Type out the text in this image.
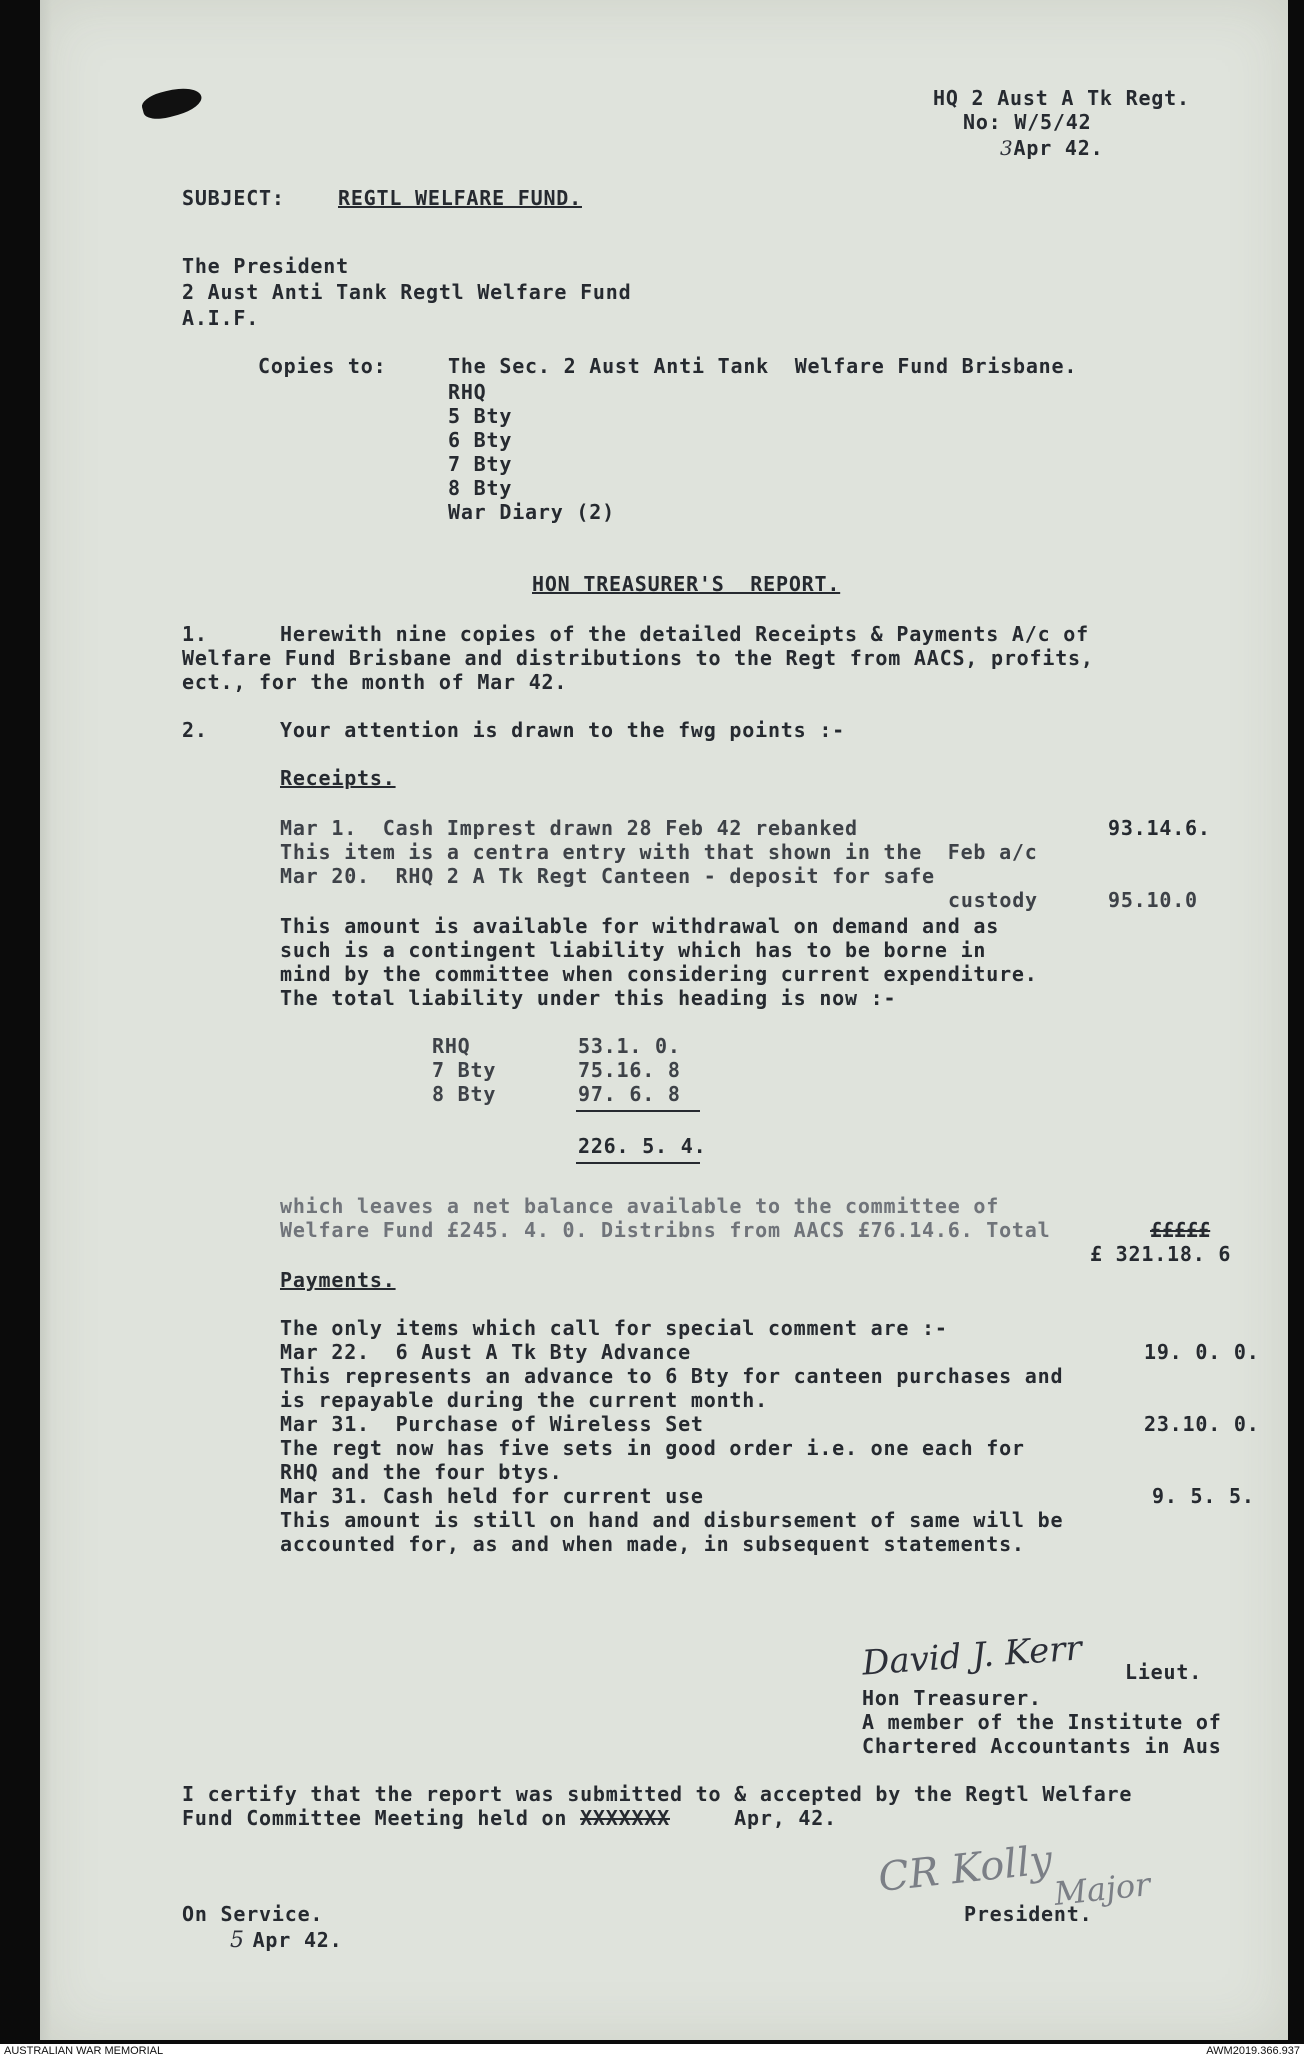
HQ 2 Aust A Tk Regt.
No: W/5/42
3Apr 42.
SUBJECT:	REGTL WELFARE FUND.
The President
2 Aust Anti Tank Regtl Welfare Fund
A.I.F.
Copies to:	The Sec. 2 Aust Anti Tank  Welfare Fund Brisbane.
RHQ
5 Bty
6 Bty
7 Bty
8 Bty
War Diary (2)
HON TREASURER'S  REPORT.
1.	Herewith nine copies of the detailed Receipts & Payments A/c of
Welfare Fund Brisbane and distributions to the Regt from AACS, profits,
ect., for the month of Mar 42.
2.	Your attention is drawn to the fwg points :-
Receipts.
Mar 1.  Cash Imprest drawn 28 Feb 42 rebanked	93.14.6.
This item is a centra entry with that shown in the  Feb a/c
Mar 20.  RHQ 2 A Tk Regt Canteen - deposit for safe
custody	95.10.0
This amount is available for withdrawal on demand and as
such is a contingent liability which has to be borne in
mind by the committee when considering current expenditure.
The total liability under this heading is now :-
RHQ	53.1. 0.
7 Bty	75.16. 8
8 Bty	97. 6. 8
226. 5. 4.
which leaves a net balance available to the committee of
Welfare Fund £245. 4. 0. Distribns from AACS £76.14.6. Total	£££££
£ 321.18. 6
Payments.
The only items which call for special comment are :-
Mar 22.  6 Aust A Tk Bty Advance	19. 0. 0.
This represents an advance to 6 Bty for canteen purchases and
is repayable during the current month.
Mar 31.  Purchase of Wireless Set	23.10. 0.
The regt now has five sets in good order i.e. one each for
RHQ and the four btys.
Mar 31. Cash held for current use	9. 5. 5.
This amount is still on hand and disbursement of same will be
accounted for, as and when made, in subsequent statements.
David J. Kerr Lieut.
Hon Treasurer.
A member of the Institute of
Chartered Accountants in Aus
I certify that the report was submitted to & accepted by the Regtl Welfare
Fund Committee Meeting held on XXXXXXX     Apr, 42.
CR Kolly
Major
On Service.	President.
5 Apr 42.
AUSTRALIAN WAR MEMORIAL	AWM2019.366.937
